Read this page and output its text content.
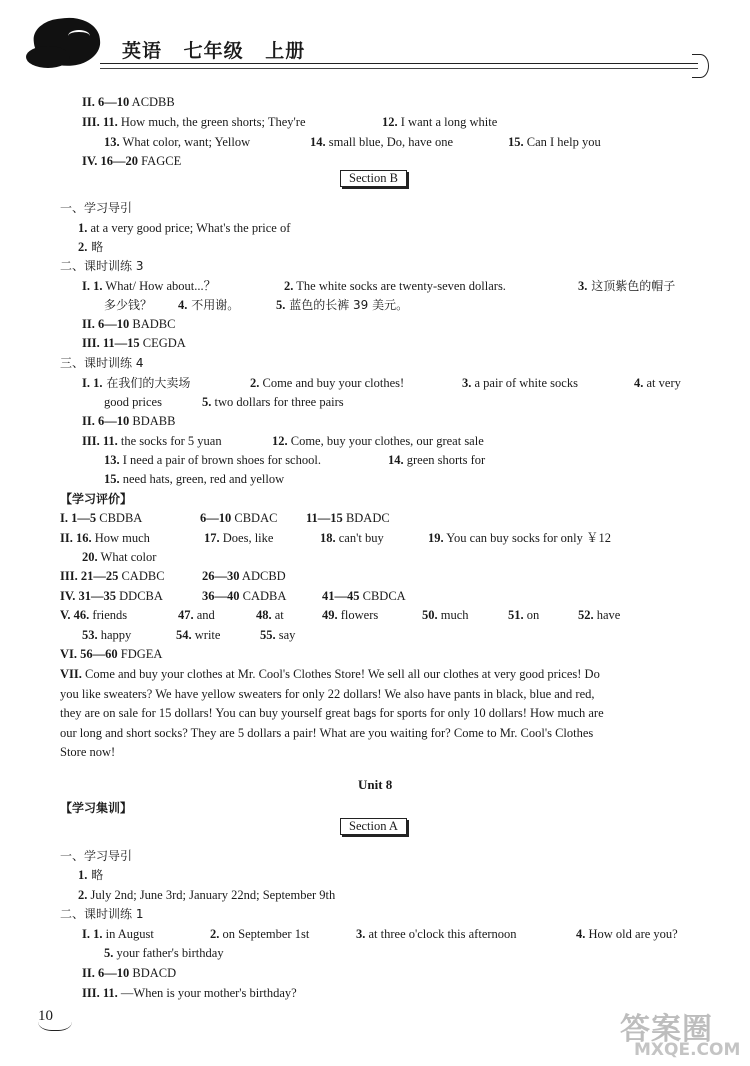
英语 七年级 上册
II. 6—10 ACDBB
III. 11. How much, the green shorts; They're	12. I want a long white
13. What color, want; Yellow	14. small blue, Do, have one	15. Can I help you
IV. 16—20 FAGCE
一、学习导引
1. at a very good price; What's the price of
2. 略
二、课时训练 3
I. 1. What/ How about...？	2. The white socks are twenty-seven dollars.	3. 这顶紫色的帽子
多少钱？ 4. 不用谢。	5. 蓝色的长裤 39 美元。
II. 6—10 BADBC
III. 11—15 CEGDA
三、课时训练 4
I. 1. 在我们的大卖场	2. Come and buy your clothes!	3. a pair of white socks	4. at very
good prices	5. two dollars for three pairs
II. 6—10 BDABB
III. 11. the socks for 5 yuan	12. Come, buy your clothes, our great sale
13. I need a pair of brown shoes for school.	14. green shorts for
15. need hats, green, red and yellow
【学习评价】
I. 1—5 CBDBA	6—10 CBDAC 11—15 BDADC
II. 16. How much	17. Does, like	18. can't buy	19. You can buy socks for only ￥12
20. What color
III. 21—25 CADBC	26—30 ADCBD
IV. 31—35 DDCBA	36—40 CADBA	41—45 CBDCA
V. 46. friends	47. and	48. at	49. flowers	50. much	51. on	52. have
53. happy	54. write	55. say
VI. 56—60 FDGEA
VII. Come and buy your clothes at Mr. Cool's Clothes Store! We sell all our clothes at very good prices! Do
you like sweaters? We have yellow sweaters for only 22 dollars! We also have pants in black, blue and red,
they are on sale for 15 dollars! You can buy yourself great bags for sports for only 10 dollars! How much are
our long and short socks? They are 5 dollars a pair! What are you waiting for? Come to Mr. Cool's Clothes
Store now!
【学习集训】
一、学习导引
1. 略
2. July 2nd; June 3rd; January 22nd; September 9th
二、课时训练 1
I. 1. in August	2. on September 1st	3. at three o'clock this afternoon	4. How old are you?
5. your father's birthday
II. 6—10 BDACD
III. 11. —When is your mother's birthday?
Section B
Section A
Unit 8
10	答案圈
MXQE.COM
